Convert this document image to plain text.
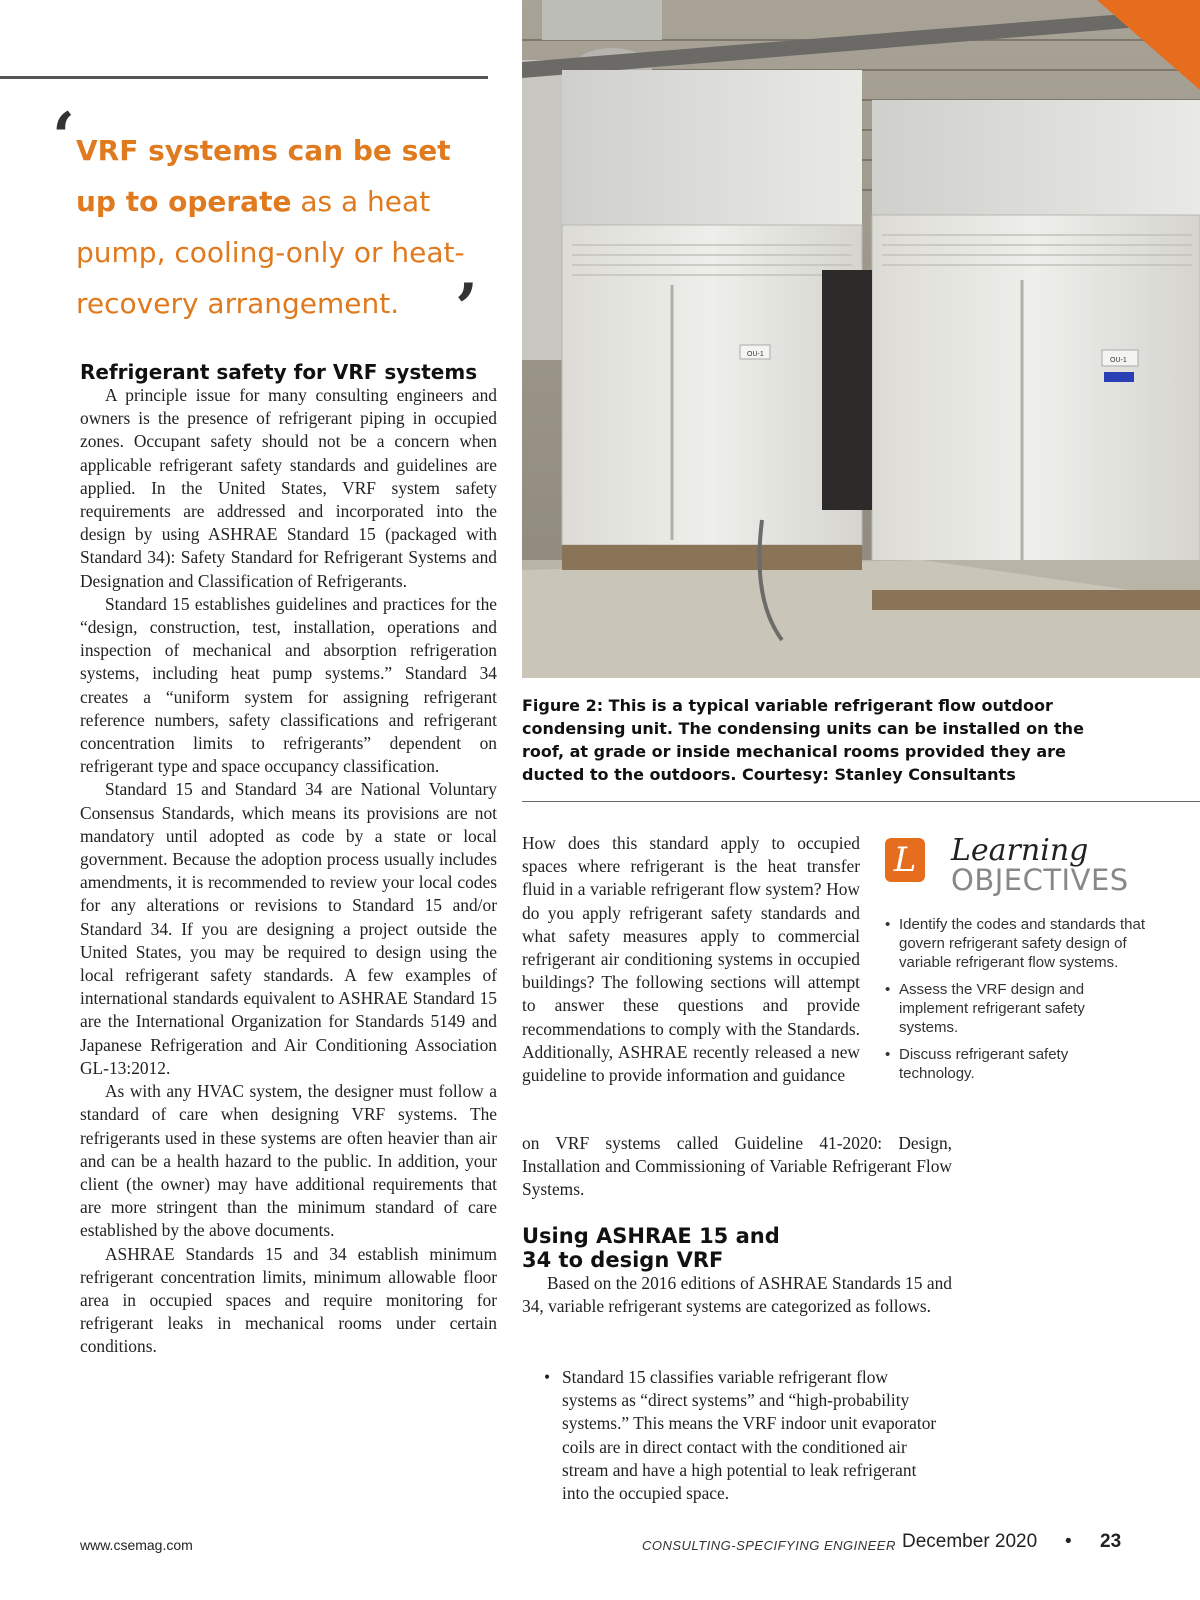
‘ VRF systems can be set up to operate as a heat pump, cooling-only or heat-recovery arrangement. ’
Refrigerant safety for VRF systems

A principle issue for many consulting engineers and owners is the presence of refrigerant piping in occupied zones. Occupant safety should not be a concern when applicable refrigerant safety standards and guidelines are applied. In the United States, VRF system safety requirements are addressed and incorporated into the design by using ASHRAE Standard 15 (packaged with Standard 34): Safety Standard for Refrigerant Systems and Designation and Classification of Refrigerants.

Standard 15 establishes guidelines and practices for the “design, construction, test, installation, operations and inspection of mechanical and absorption refrigeration systems, including heat pump systems.” Standard 34 creates a “uniform system for assigning refrigerant reference numbers, safety classifications and refrigerant concentration limits to refrigerants” dependent on refrigerant type and space occupancy classification.

Standard 15 and Standard 34 are National Voluntary Consensus Standards, which means its provisions are not mandatory until adopted as code by a state or local government. Because the adoption process usually includes amendments, it is recommended to review your local codes for any alterations or revisions to Standard 15 and/or Standard 34. If you are designing a project outside the United States, you may be required to design using the local refrigerant safety standards. A few examples of international standards equivalent to ASHRAE Standard 15 are the International Organization for Standards 5149 and Japanese Refrigeration and Air Conditioning Association GL-13:2012.

As with any HVAC system, the designer must follow a standard of care when designing VRF systems. The refrigerants used in these systems are often heavier than air and can be a health hazard to the public. In addition, your client (the owner) may have additional requirements that are more stringent than the minimum standard of care established by the above documents.

ASHRAE Standards 15 and 34 establish minimum refrigerant concentration limits, minimum allowable floor area in occupied spaces and require monitoring for refrigerant leaks in mechanical rooms under certain conditions.

OU-1
OU-1
Figure 2: This is a typical variable refrigerant flow outdoor condensing unit. The condensing units can be installed on the roof, at grade or inside mechanical rooms provided they are ducted to the outdoors. Courtesy: Stanley Consultants

How does this standard apply to occupied spaces where refrigerant is the heat transfer fluid in a variable refrigerant flow system? How do you apply refrigerant safety standards and what safety measures apply to commercial refrigerant air conditioning systems in occupied buildings? The following sections will attempt to answer these questions and provide recommendations to comply with the Standards. Additionally, ASHRAE recently released a new guideline to provide information and guidance

on VRF systems called Guideline 41-2020: Design, Installation and Commissioning of Variable Refrigerant Flow Systems.

L Learning
OBJECTIVES
• Identify the codes and standards that govern refrigerant safety design of variable refrigerant flow systems.
• Assess the VRF design and implement refrigerant safety systems.
• Discuss refrigerant safety technology.
Using ASHRAE 15 and
34 to design VRF

Based on the 2016 editions of ASHRAE Standards 15 and 34, variable refrigerant systems are categorized as follows.

• Standard 15 classifies variable refrigerant flow systems as “direct systems” and “high-probability systems.” This means the VRF indoor unit evaporator coils are in direct contact with the conditioned air stream and have a high potential to leak refrigerant into the occupied space.
www.csemag.com	CONSULTING-SPECIFYING ENGINEER December 2020 • 23
